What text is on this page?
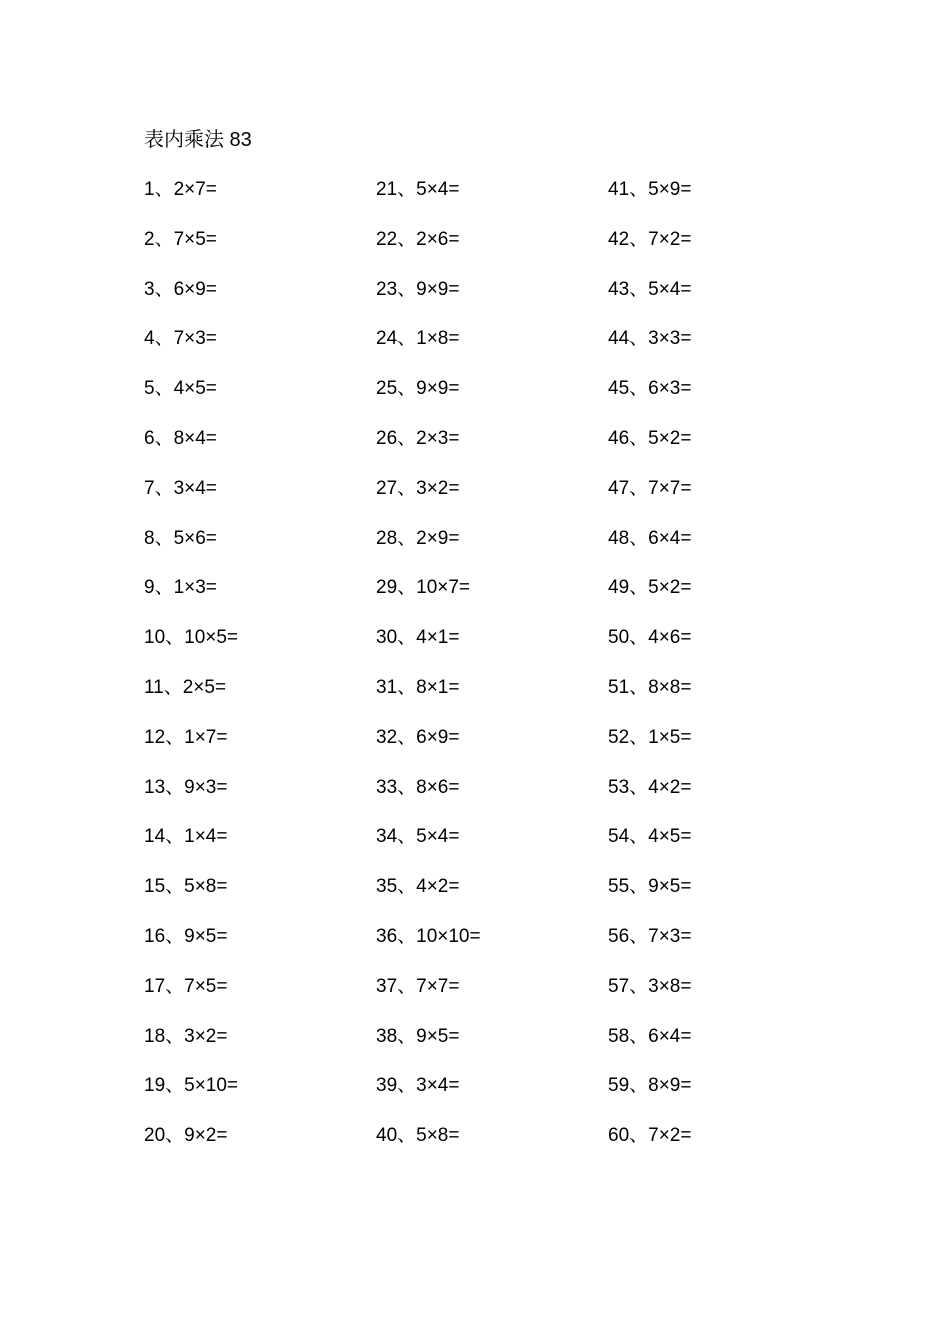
表内乘法 83
1、2×7=
2、7×5=
3、6×9=
4、7×3=
5、4×5=
6、8×4=
7、3×4=
8、5×6=
9、1×3=
10、10×5=
11、2×5=
12、1×7=
13、9×3=
14、1×4=
15、5×8=
16、9×5=
17、7×5=
18、3×2=
19、5×10=
20、9×2=
21、5×4=
22、2×6=
23、9×9=
24、1×8=
25、9×9=
26、2×3=
27、3×2=
28、2×9=
29、10×7=
30、4×1=
31、8×1=
32、6×9=
33、8×6=
34、5×4=
35、4×2=
36、10×10=
37、7×7=
38、9×5=
39、3×4=
40、5×8=
41、5×9=
42、7×2=
43、5×4=
44、3×3=
45、6×3=
46、5×2=
47、7×7=
48、6×4=
49、5×2=
50、4×6=
51、8×8=
52、1×5=
53、4×2=
54、4×5=
55、9×5=
56、7×3=
57、3×8=
58、6×4=
59、8×9=
60、7×2=
